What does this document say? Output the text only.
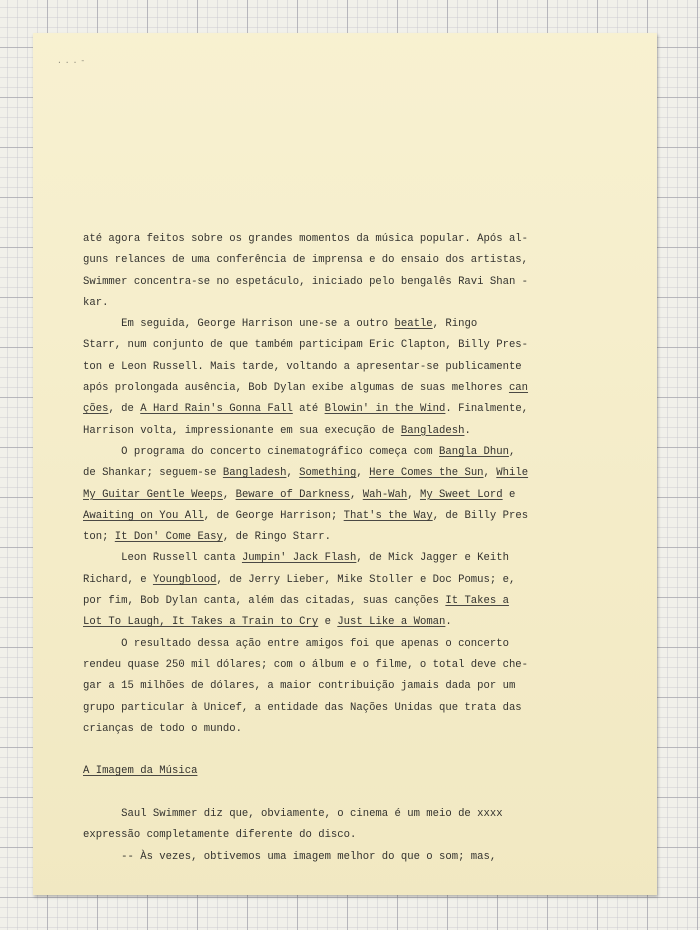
...-
até agora feitos sobre os grandes momentos da música popular. Após al-
guns relances de uma conferência de imprensa e do ensaio dos artistas,
Swimmer concentra-se no espetáculo, iniciado pelo bengalês Ravi Shan -
kar.
Em seguida, George Harrison une-se a outro beatle, Ringo
Starr, num conjunto de que também participam Eric Clapton, Billy Pres-
ton e Leon Russell. Mais tarde, voltando a apresentar-se publicamente
após prolongada ausência, Bob Dylan exibe algumas de suas melhores can
ções, de A Hard Rain's Gonna Fall até Blowin' in the Wind. Finalmente,
Harrison volta, impressionante em sua execução de Bangladesh.
O programa do concerto cinematográfico começa com Bangla Dhun,
de Shankar; seguem-se Bangladesh, Something, Here Comes the Sun, While
My Guitar Gentle Weeps, Beware of Darkness, Wah-Wah, My Sweet Lord e
Awaiting on You All, de George Harrison; That's the Way, de Billy Pres
ton; It Don' Come Easy, de Ringo Starr.
Leon Russell canta Jumpin' Jack Flash, de Mick Jagger e Keith
Richard, e Youngblood, de Jerry Lieber, Mike Stoller e Doc Pomus; e,
por fim, Bob Dylan canta, além das citadas, suas canções It Takes a
Lot To Laugh, It Takes a Train to Cry e Just Like a Woman.
O resultado dessa ação entre amigos foi que apenas o concerto
rendeu quase 250 mil dólares; com o álbum e o filme, o total deve che-
gar a 15 milhões de dólares, a maior contribuição jamais dada por um
grupo particular à Unicef, a entidade das Nações Unidas que trata das
crianças de todo o mundo.
A Imagem da Música
Saul Swimmer diz que, obviamente, o cinema é um meio de xxxx
expressão completamente diferente do disco.
-- Às vezes, obtivemos uma imagem melhor do que o som; mas,
